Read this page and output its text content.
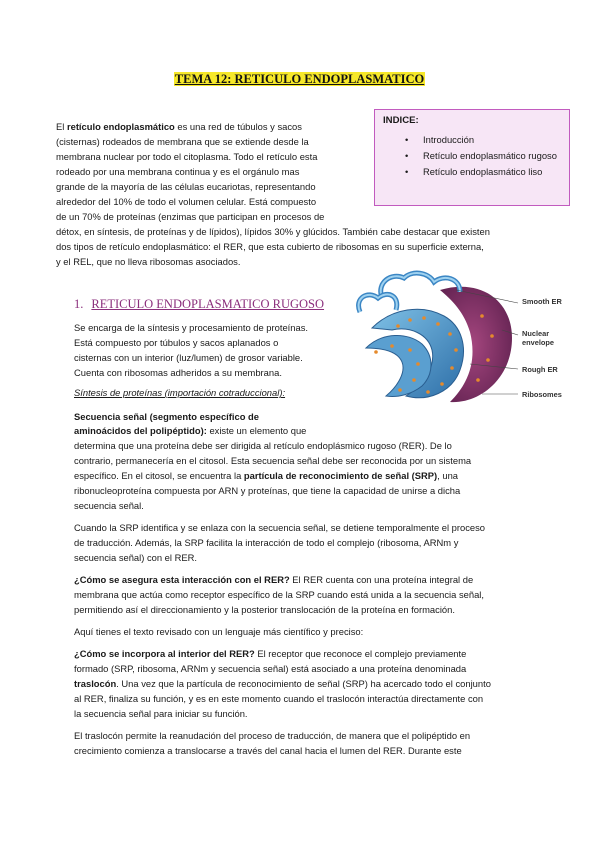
TEMA 12: RETICULO ENDOPLASMATICO

El retículo endoplasmático es una red de túbulos y sacos

(cisternas) rodeados de membrana que se extiende desde la

membrana nuclear por todo el citoplasma. Todo el retículo esta

rodeado por una membrana continua y es el orgánulo mas

grande de la mayoría de las células eucariotas, representando

alrededor del 10% de todo el volumen celular. Está compuesto

de un 70% de proteínas (enzimas que participan en procesos de

détox, en síntesis, de proteínas y de lípidos), lípidos 30% y glúcidos. También cabe destacar que existen

dos tipos de retículo endoplasmático: el RER, que esta cubierto de ribosomas en su superficie externa,

y el REL, que no lleva ribosomas asociados.

INDICE:
• Introducción
• Retículo endoplasmático rugoso
• Retículo endoplasmático liso
1. RETICULO ENDOPLASMATICO RUGOSO	Smooth ER
Nuclear envelope
Rough ER
Ribosomes

Se encarga de la síntesis y procesamiento de proteínas.

Está compuesto por túbulos y sacos aplanados o

cisternas con un interior (luz/lumen) de grosor variable.

Cuenta con ribosomas adheridos a su membrana.

Síntesis de proteínas (importación cotraduccional):

Secuencia señal (segmento específico de

aminoácidos del polipéptido): existe un elemento que

determina que una proteína debe ser dirigida al retículo endoplásmico rugoso (RER). De lo

contrario, permanecería en el citosol. Esta secuencia señal debe ser reconocida por un sistema

específico. En el citosol, se encuentra la partícula de reconocimiento de señal (SRP), una

ribonucleoproteína compuesta por ARN y proteínas, que tiene la capacidad de unirse a dicha

secuencia señal.

Cuando la SRP identifica y se enlaza con la secuencia señal, se detiene temporalmente el proceso

de traducción. Además, la SRP facilita la interacción de todo el complejo (ribosoma, ARNm y

secuencia señal) con el RER.

¿Cómo se asegura esta interacción con el RER? El RER cuenta con una proteína integral de

membrana que actúa como receptor específico de la SRP cuando está unida a la secuencia señal,

permitiendo así el direccionamiento y la posterior translocación de la proteína en formación.

Aquí tienes el texto revisado con un lenguaje más científico y preciso:

¿Cómo se incorpora al interior del RER? El receptor que reconoce el complejo previamente

formado (SRP, ribosoma, ARNm y secuencia señal) está asociado a una proteína denominada

traslocón. Una vez que la partícula de reconocimiento de señal (SRP) ha acercado todo el conjunto

al RER, finaliza su función, y es en este momento cuando el traslocón interactúa directamente con

la secuencia señal para iniciar su función.

El traslocón permite la reanudación del proceso de traducción, de manera que el polipéptido en

crecimiento comienza a translocarse a través del canal hacia el lumen del RER. Durante este
